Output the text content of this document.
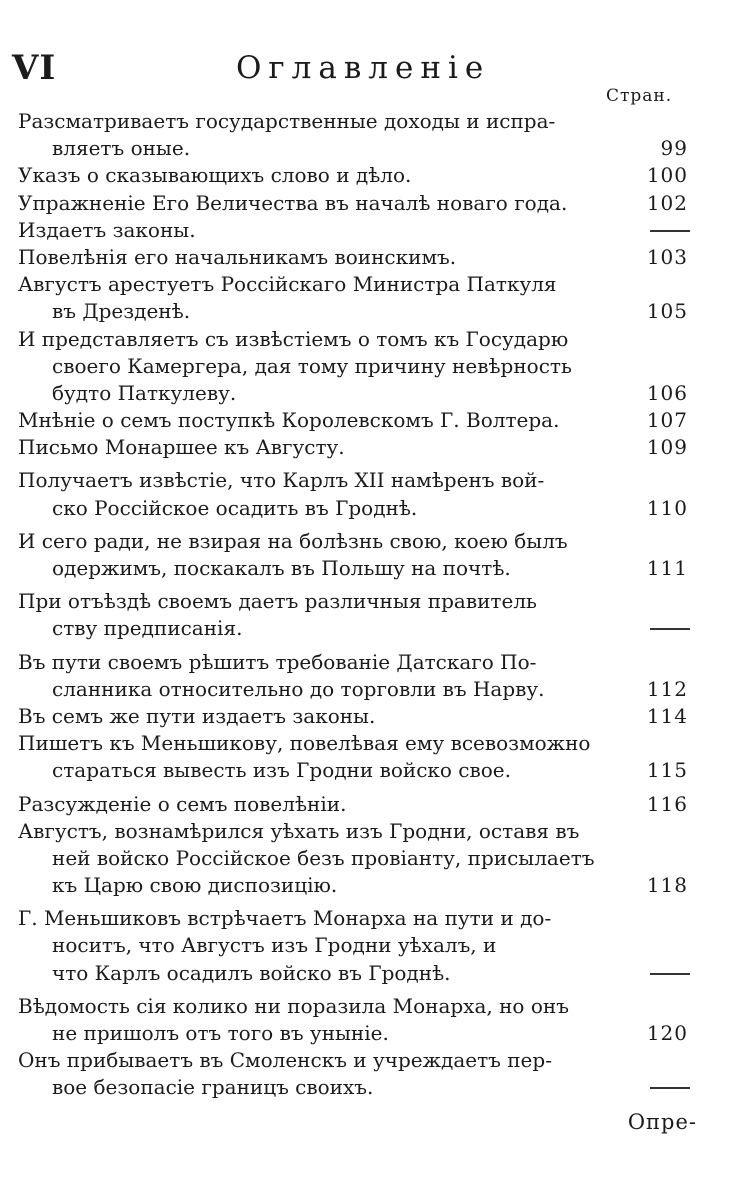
VI	Оглавленіе
Стран.
Разсматриваетъ государственные доходы и испра-
вляетъ оные.	99
Указъ о сказывающихъ слово и дѣло.	100
Упражненіе Его Величества въ началѣ новаго года.	102
Издаетъ законы.
Повелѣнія его начальникамъ воинскимъ.	103
Августъ арестуетъ Россійскаго Министра Паткуля
въ Дрезденѣ.	105
И представляетъ съ извѣстіемъ о томъ къ Государю
своего Камергера, дая тому причину невѣрность
будто Паткулеву.	106
Мнѣніе о семъ поступкѣ Королевскомъ Г. Волтера.	107
Письмо Монаршее къ Августу.	109
Получаетъ извѣстіе, что Карлъ XII намѣренъ вой-
ско Россійское осадить въ Гроднѣ.	110
И сего ради, не взирая на болѣзнь свою, коею былъ
одержимъ, поскакалъ въ Польшу на почтѣ.	111
При отъѣздѣ своемъ даетъ различныя правитель
ству предписанія.
Въ пути своемъ рѣшитъ требованіе Датскаго По-
сланника относительно до торговли въ Нарву.	112
Въ семъ же пути издаетъ законы.	114
Пишетъ къ Меньшикову, повелѣвая ему всевозможно
стараться вывесть изъ Гродни войско свое.	115
Разсужденіе о семъ повелѣніи.	116
Августъ, вознамѣрился уѣхать изъ Гродни, оставя въ
ней войско Россійское безъ провіанту, присылаетъ
къ Царю свою диспозицію.	118
Г. Меньшиковъ встрѣчаетъ Монарха на пути и до-
носитъ, что Августъ изъ Гродни уѣхалъ, и
что Карлъ осадилъ войско въ Гроднѣ.
Вѣдомость сія колико ни поразила Монарха, но онъ
не пришолъ отъ того въ уныніе.	120
Онъ прибываетъ въ Смоленскъ и учреждаетъ пер-
вое безопасіе границъ своихъ.
Опре-
